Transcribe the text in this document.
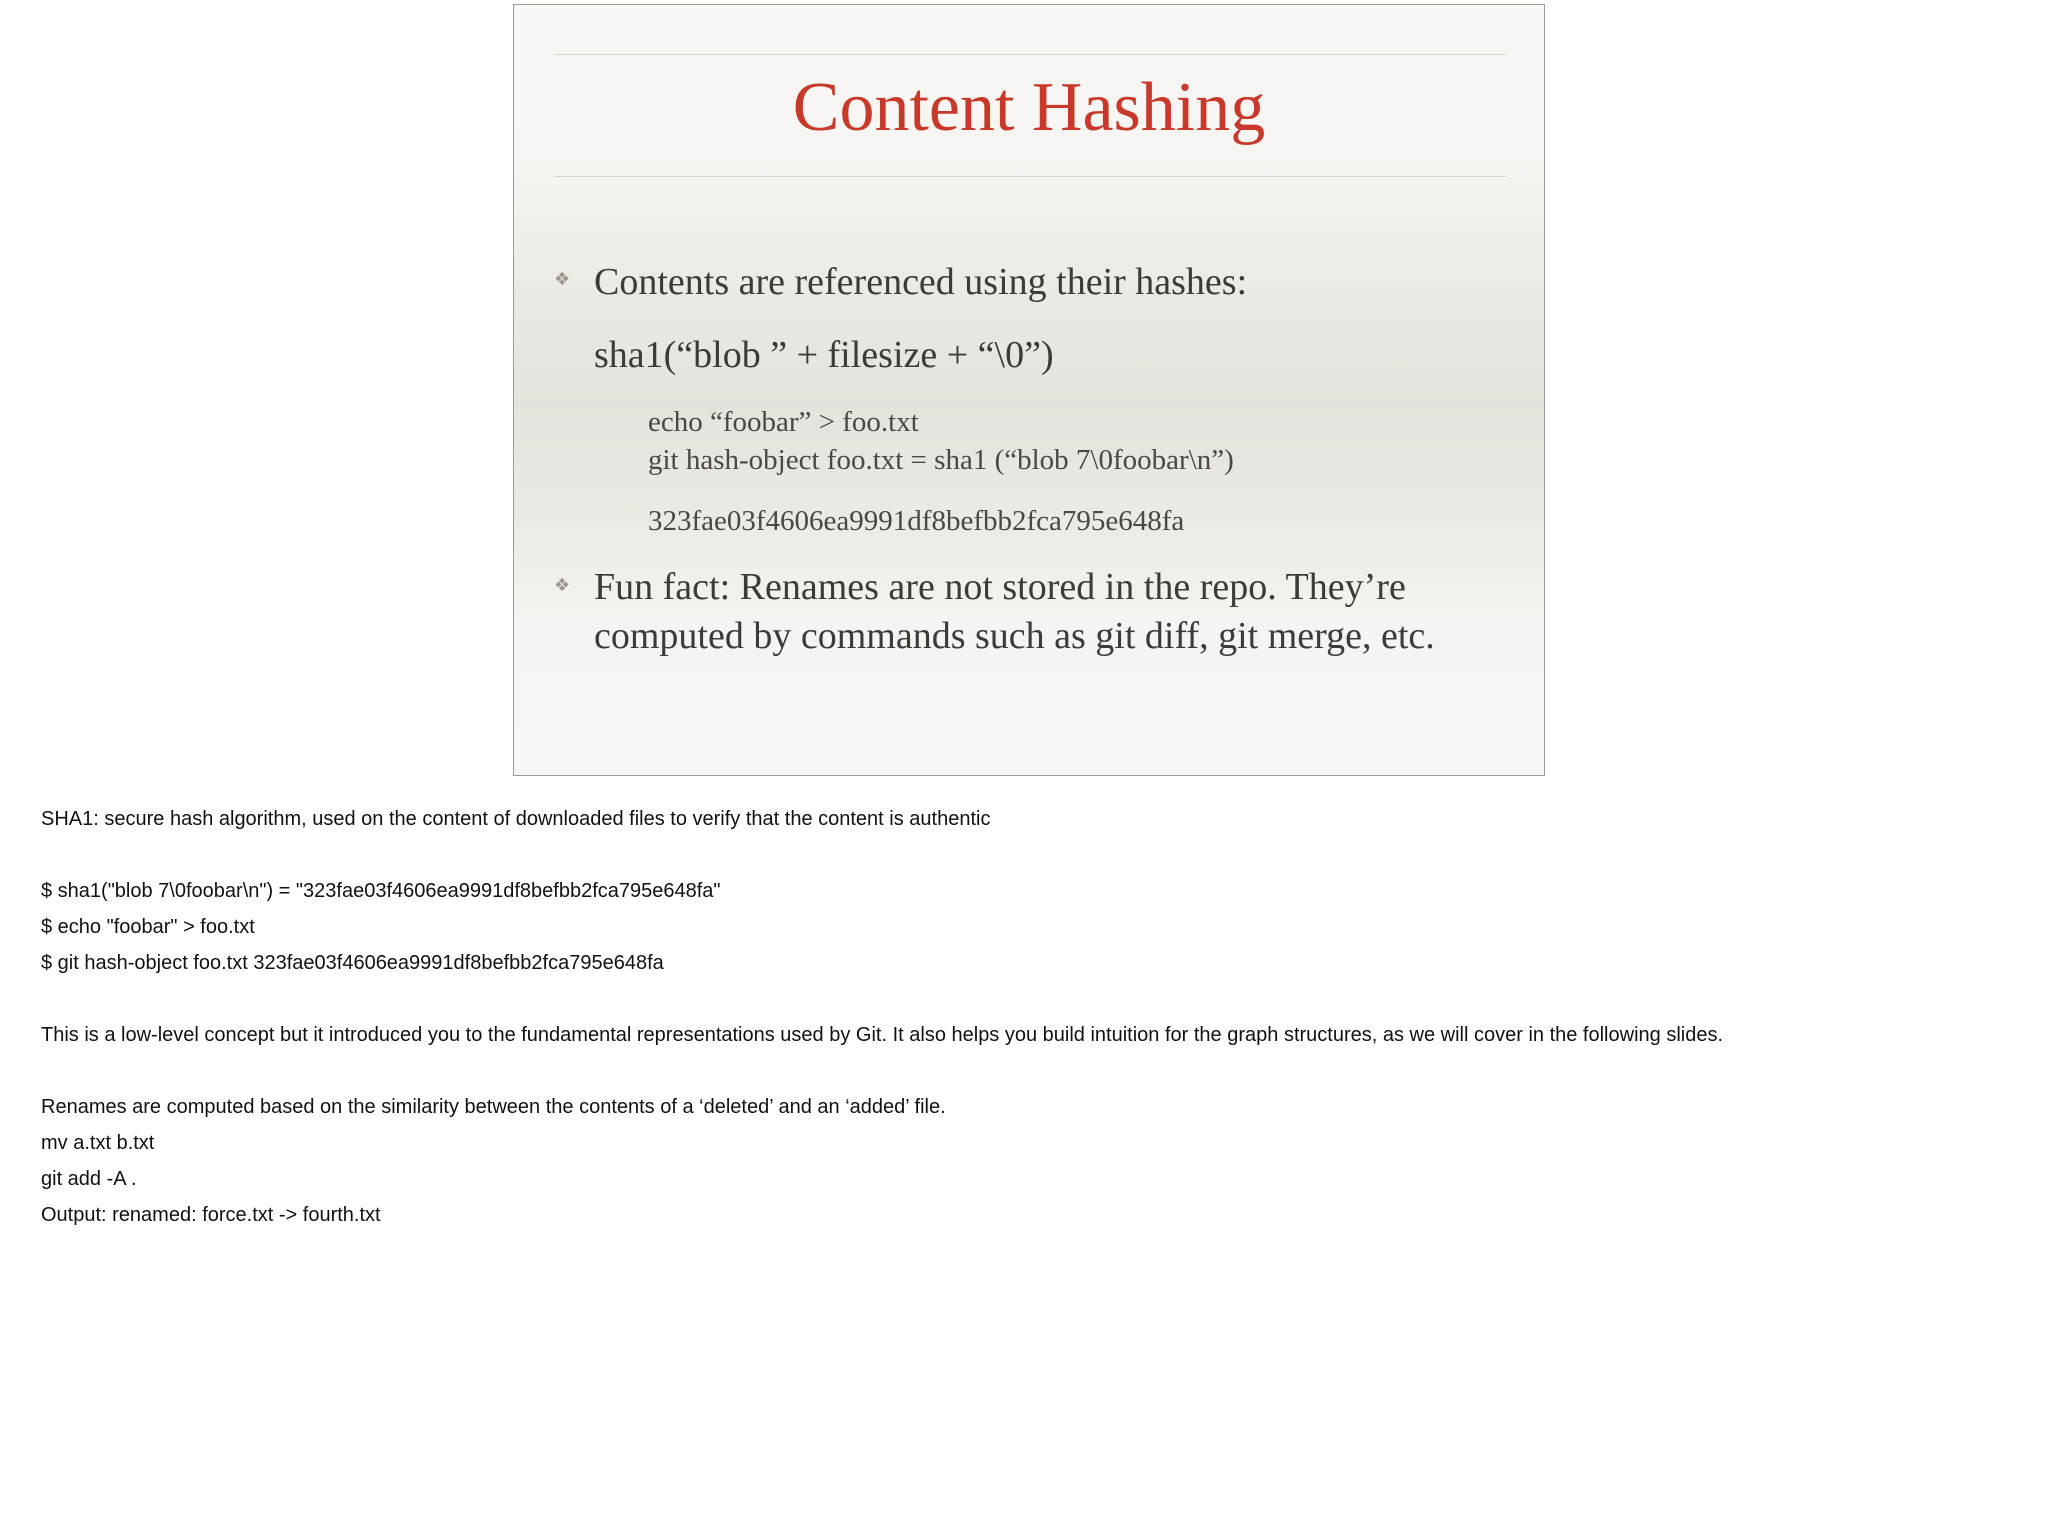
Content Hashing
❖ Contents are referenced using their hashes:
sha1(“blob ” + filesize + “\0”)
echo “foobar” > foo.txt
git hash-object foo.txt = sha1 (“blob 7\0foobar\n”)
323fae03f4606ea9991df8befbb2fca795e648fa
❖ Fun fact: Renames are not stored in the repo. They’re
computed by commands such as git diff, git merge, etc.
SHA1: secure hash algorithm, used on the content of downloaded files to verify that the content is authentic
$ sha1("blob 7\0foobar\n") = "323fae03f4606ea9991df8befbb2fca795e648fa"
$ echo "foobar" > foo.txt
$ git hash-object foo.txt 323fae03f4606ea9991df8befbb2fca795e648fa
This is a low-level concept but it introduced you to the fundamental representations used by Git. It also helps you build intuition for the graph structures, as we will cover in the following slides.
Renames are computed based on the similarity between the contents of a ‘deleted’ and an ‘added’ file.
mv a.txt b.txt
git add -A .
Output: renamed: force.txt -> fourth.txt
